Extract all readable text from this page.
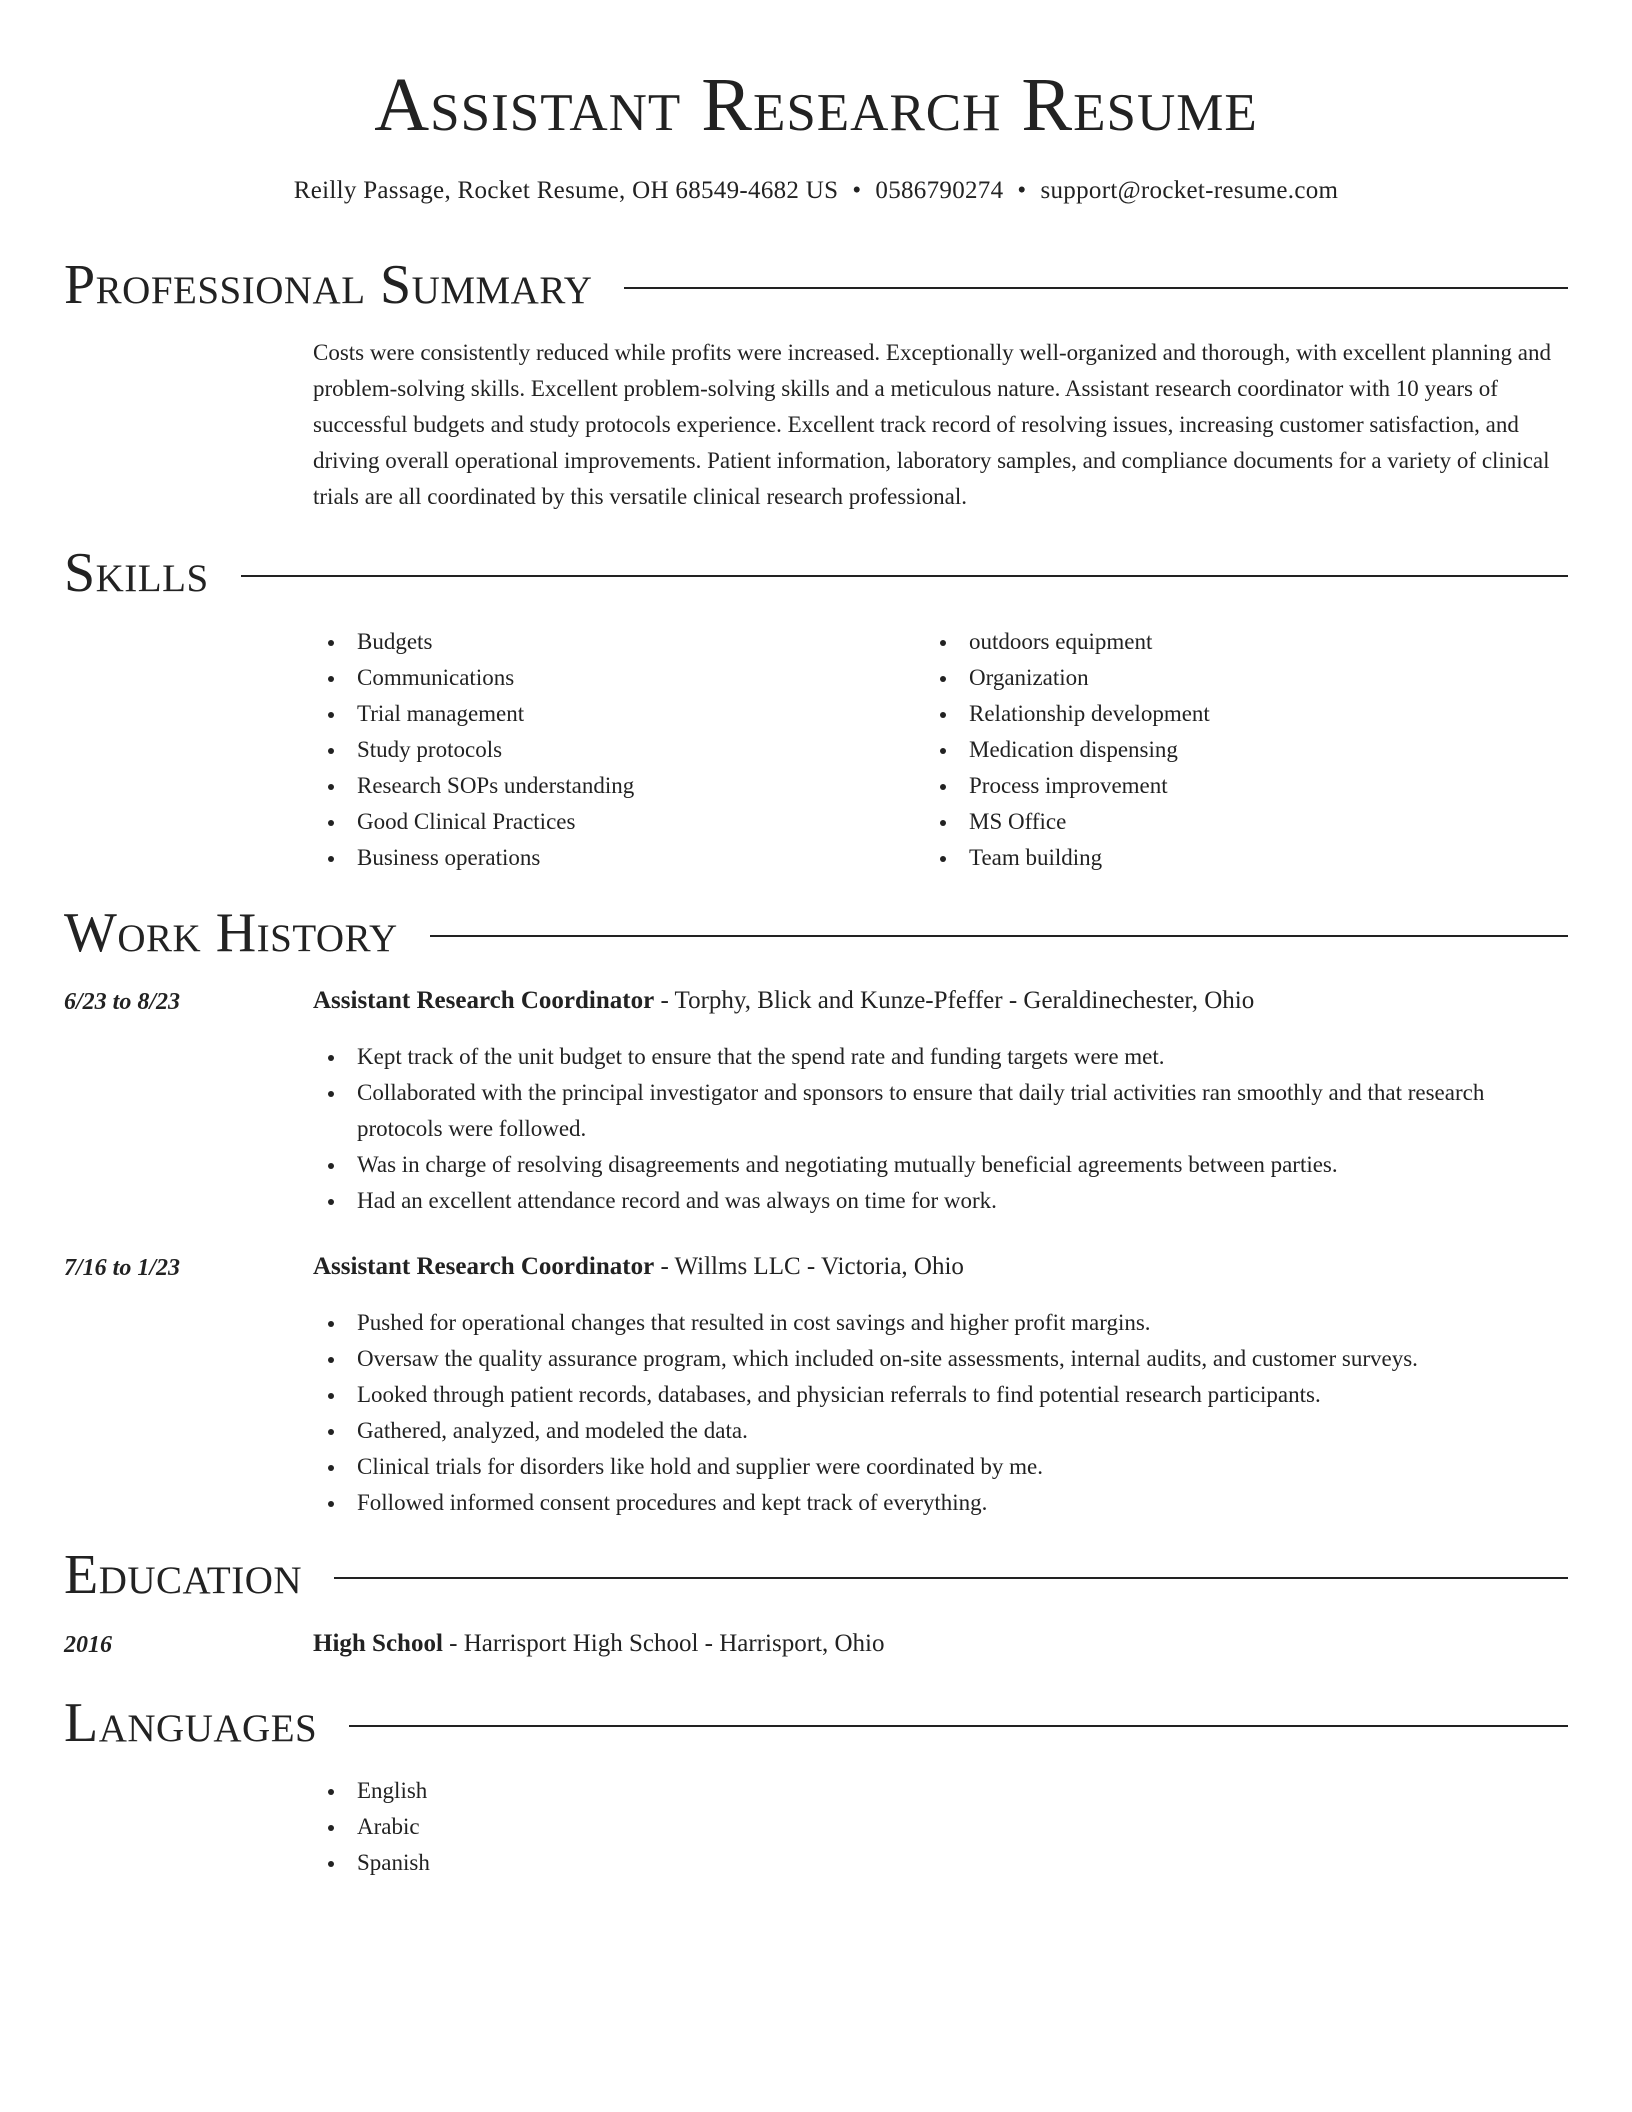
Assistant Research Resume
Reilly Passage, Rocket Resume, OH 68549-4682 US • 0586790274 • support@rocket-resume.com
Professional Summary

Costs were consistently reduced while profits were increased. Exceptionally well-organized and thorough, with excellent planning and problem-solving skills. Excellent problem-solving skills and a meticulous nature. Assistant research coordinator with 10 years of successful budgets and study protocols experience. Excellent track record of resolving issues, increasing customer satisfaction, and driving overall operational improvements. Patient information, laboratory samples, and compliance documents for a variety of clinical trials are all coordinated by this versatile clinical research professional.

Skills
Budgets
Communications
Trial management
Study protocols
Research SOPs understanding
Good Clinical Practices
Business operations
outdoors equipment
Organization
Relationship development
Medication dispensing
Process improvement
MS Office
Team building
Work History
6/23 to 8/23	Assistant Research Coordinator - Torphy, Blick and Kunze-Pfeffer - Geraldinechester, Ohio
Kept track of the unit budget to ensure that the spend rate and funding targets were met.
Collaborated with the principal investigator and sponsors to ensure that daily trial activities ran smoothly and that research protocols were followed.
Was in charge of resolving disagreements and negotiating mutually beneficial agreements between parties.
Had an excellent attendance record and was always on time for work.
7/16 to 1/23	Assistant Research Coordinator - Willms LLC - Victoria, Ohio
Pushed for operational changes that resulted in cost savings and higher profit margins.
Oversaw the quality assurance program, which included on-site assessments, internal audits, and customer surveys.
Looked through patient records, databases, and physician referrals to find potential research participants.
Gathered, analyzed, and modeled the data.
Clinical trials for disorders like hold and supplier were coordinated by me.
Followed informed consent procedures and kept track of everything.
Education
2016	High School - Harrisport High School - Harrisport, Ohio
Languages
English
Arabic
Spanish
